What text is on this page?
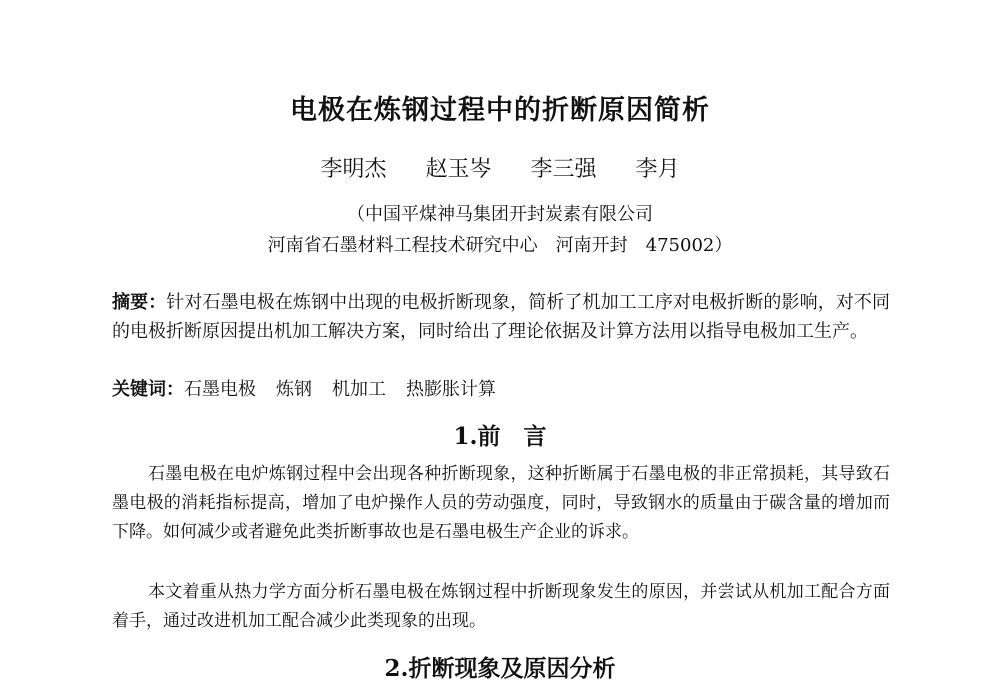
电极在炼钢过程中的折断原因简析
李明杰 赵玉岑 李三强 李月
（中国平煤神马集团开封炭素有限公司
河南省石墨材料工程技术研究中心　河南开封　475002）
摘要：针对石墨电极在炼钢中出现的电极折断现象，简析了机加工工序对电极折断的影响，对不同的电极折断原因提出机加工解决方案，同时给出了理论依据及计算方法用以指导电极加工生产。
关键词：石墨电极 炼钢 机加工 热膨胀计算
1.前　言
石墨电极在电炉炼钢过程中会出现各种折断现象，这种折断属于石墨电极的非正常损耗，其导致石墨电极的消耗指标提高，增加了电炉操作人员的劳动强度，同时，导致钢水的质量由于碳含量的增加而下降。如何减少或者避免此类折断事故也是石墨电极生产企业的诉求。
本文着重从热力学方面分析石墨电极在炼钢过程中折断现象发生的原因，并尝试从机加工配合方面着手，通过改进机加工配合减少此类现象的出现。
2.折断现象及原因分析
